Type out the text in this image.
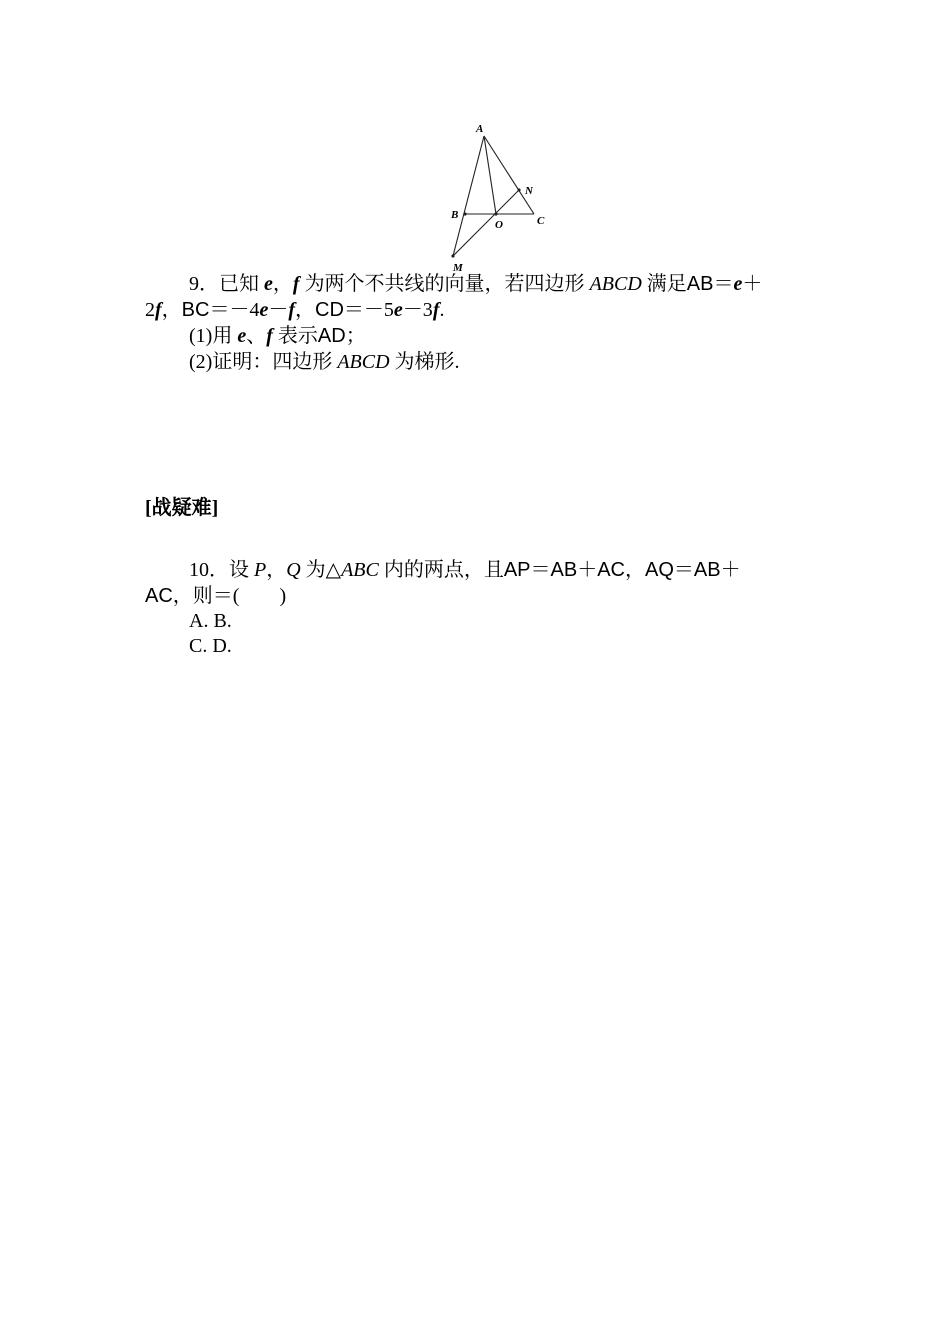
A
B	C
N
O
M
9．已知 e，f 为两个不共线的向量，若四边形 ABCD 满足AB＝e＋
2f，BC＝－4e－f，CD＝－5e－3f.
(1)用 e、f 表示AD；
(2)证明：四边形 ABCD 为梯形.
[战疑难]
10．设 P，Q 为△ABC 内的两点，且AP＝AB＋AC，AQ＝AB＋
AC，则＝(　　)
A. B.
C. D.
